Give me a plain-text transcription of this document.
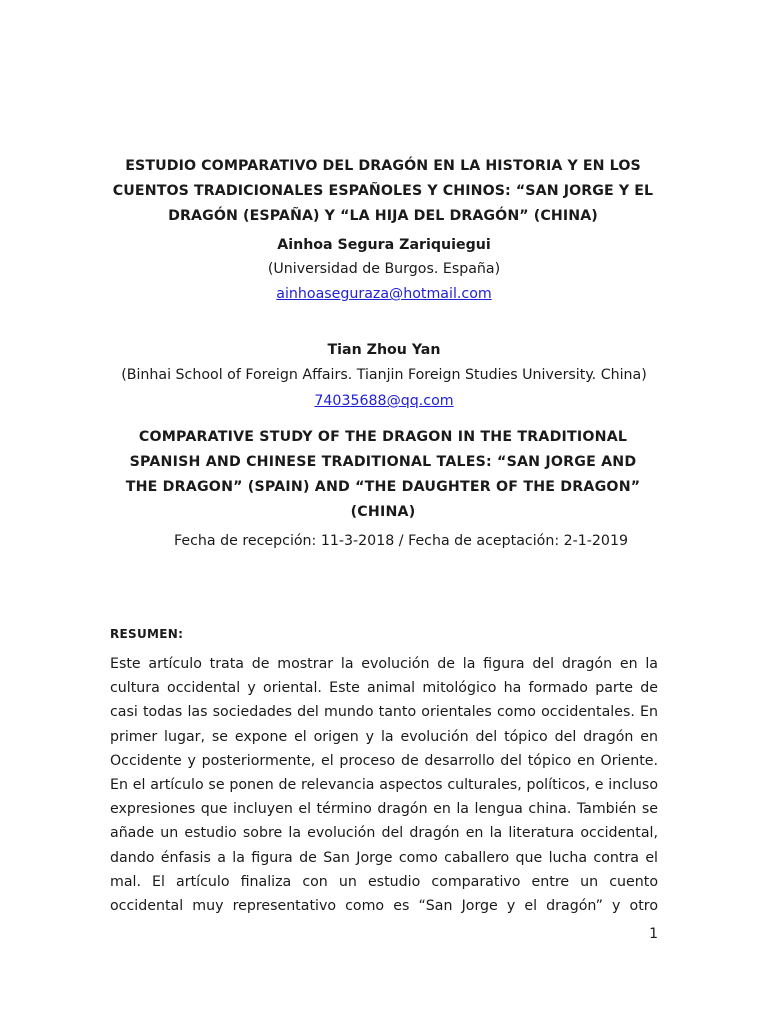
ESTUDIO COMPARATIVO DEL DRAGÓN EN LA HISTORIA Y EN LOS
CUENTOS TRADICIONALES ESPAÑOLES Y CHINOS: “SAN JORGE Y EL
DRAGÓN (ESPAÑA) Y “LA HIJA DEL DRAGÓN” (CHINA)
Ainhoa Segura Zariquiegui
(Universidad de Burgos. España)
ainhoaseguraza@hotmail.com
Tian Zhou Yan
(Binhai School of Foreign Affairs. Tianjin Foreign Studies University. China)
74035688@qq.com
COMPARATIVE STUDY OF THE DRAGON IN THE TRADITIONAL
SPANISH AND CHINESE TRADITIONAL TALES: “SAN JORGE AND
THE DRAGON” (SPAIN) AND “THE DAUGHTER OF THE DRAGON”
(CHINA)
Fecha de recepción: 11-3-2018 / Fecha de aceptación: 2-1-2019
RESUMEN:
Este artículo trata de mostrar la evolución de la figura del dragón en la
cultura occidental y oriental. Este animal mitológico ha formado parte de
casi todas las sociedades del mundo tanto orientales como occidentales. En
primer lugar, se expone el origen y la evolución del tópico del dragón en
Occidente y posteriormente, el proceso de desarrollo del tópico en Oriente.
En el artículo se ponen de relevancia aspectos culturales, políticos, e incluso
expresiones que incluyen el término dragón en la lengua china. También se
añade un estudio sobre la evolución del dragón en la literatura occidental,
dando énfasis a la figura de San Jorge como caballero que lucha contra el
mal. El artículo finaliza con un estudio comparativo entre un cuento
occidental muy representativo como es “San Jorge y el dragón” y otro
1
